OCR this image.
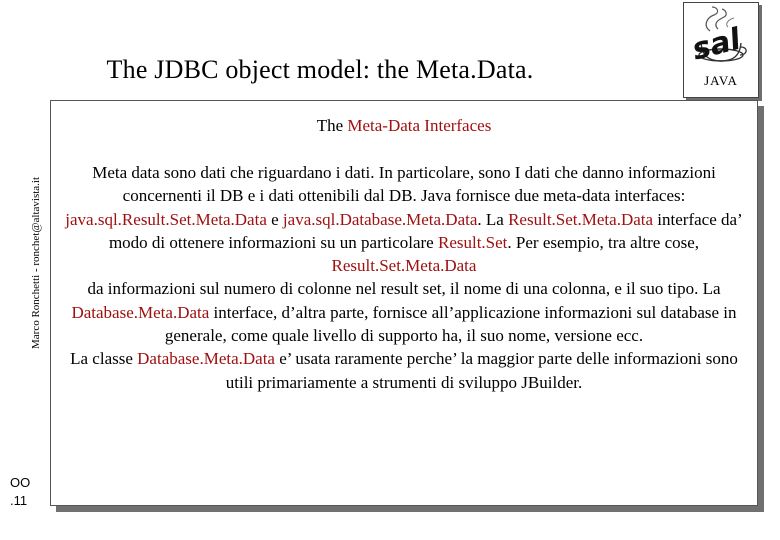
The JDBC object model: the Meta.Data.
sal
JAVA
Marco Ronchetti - ronchet@altavista.it
OO
.11
The Meta-Data Interfaces
Meta data sono dati che riguardano i dati. In particolare, sono I dati che danno informazioni concernenti il DB e i dati ottenibili dal DB. Java fornisce due meta-data interfaces: java.sql.Result.Set.Meta.Data e java.sql.Database.Meta.Data. La Result.Set.Meta.Data interface da’ modo di ottenere informazioni su un particolare Result.Set. Per esempio, tra altre cose, Result.Set.Meta.Data
da informazioni sul numero di colonne nel result set, il nome di una colonna, e il suo tipo. La Database.Meta.Data interface, d’altra parte, fornisce all’applicazione informazioni sul database in generale, come quale livello di supporto ha, il suo nome, versione ecc.
La classe Database.Meta.Data e’ usata raramente perche’ la maggior parte delle informazioni sono utili primariamente a strumenti di sviluppo JBuilder.
